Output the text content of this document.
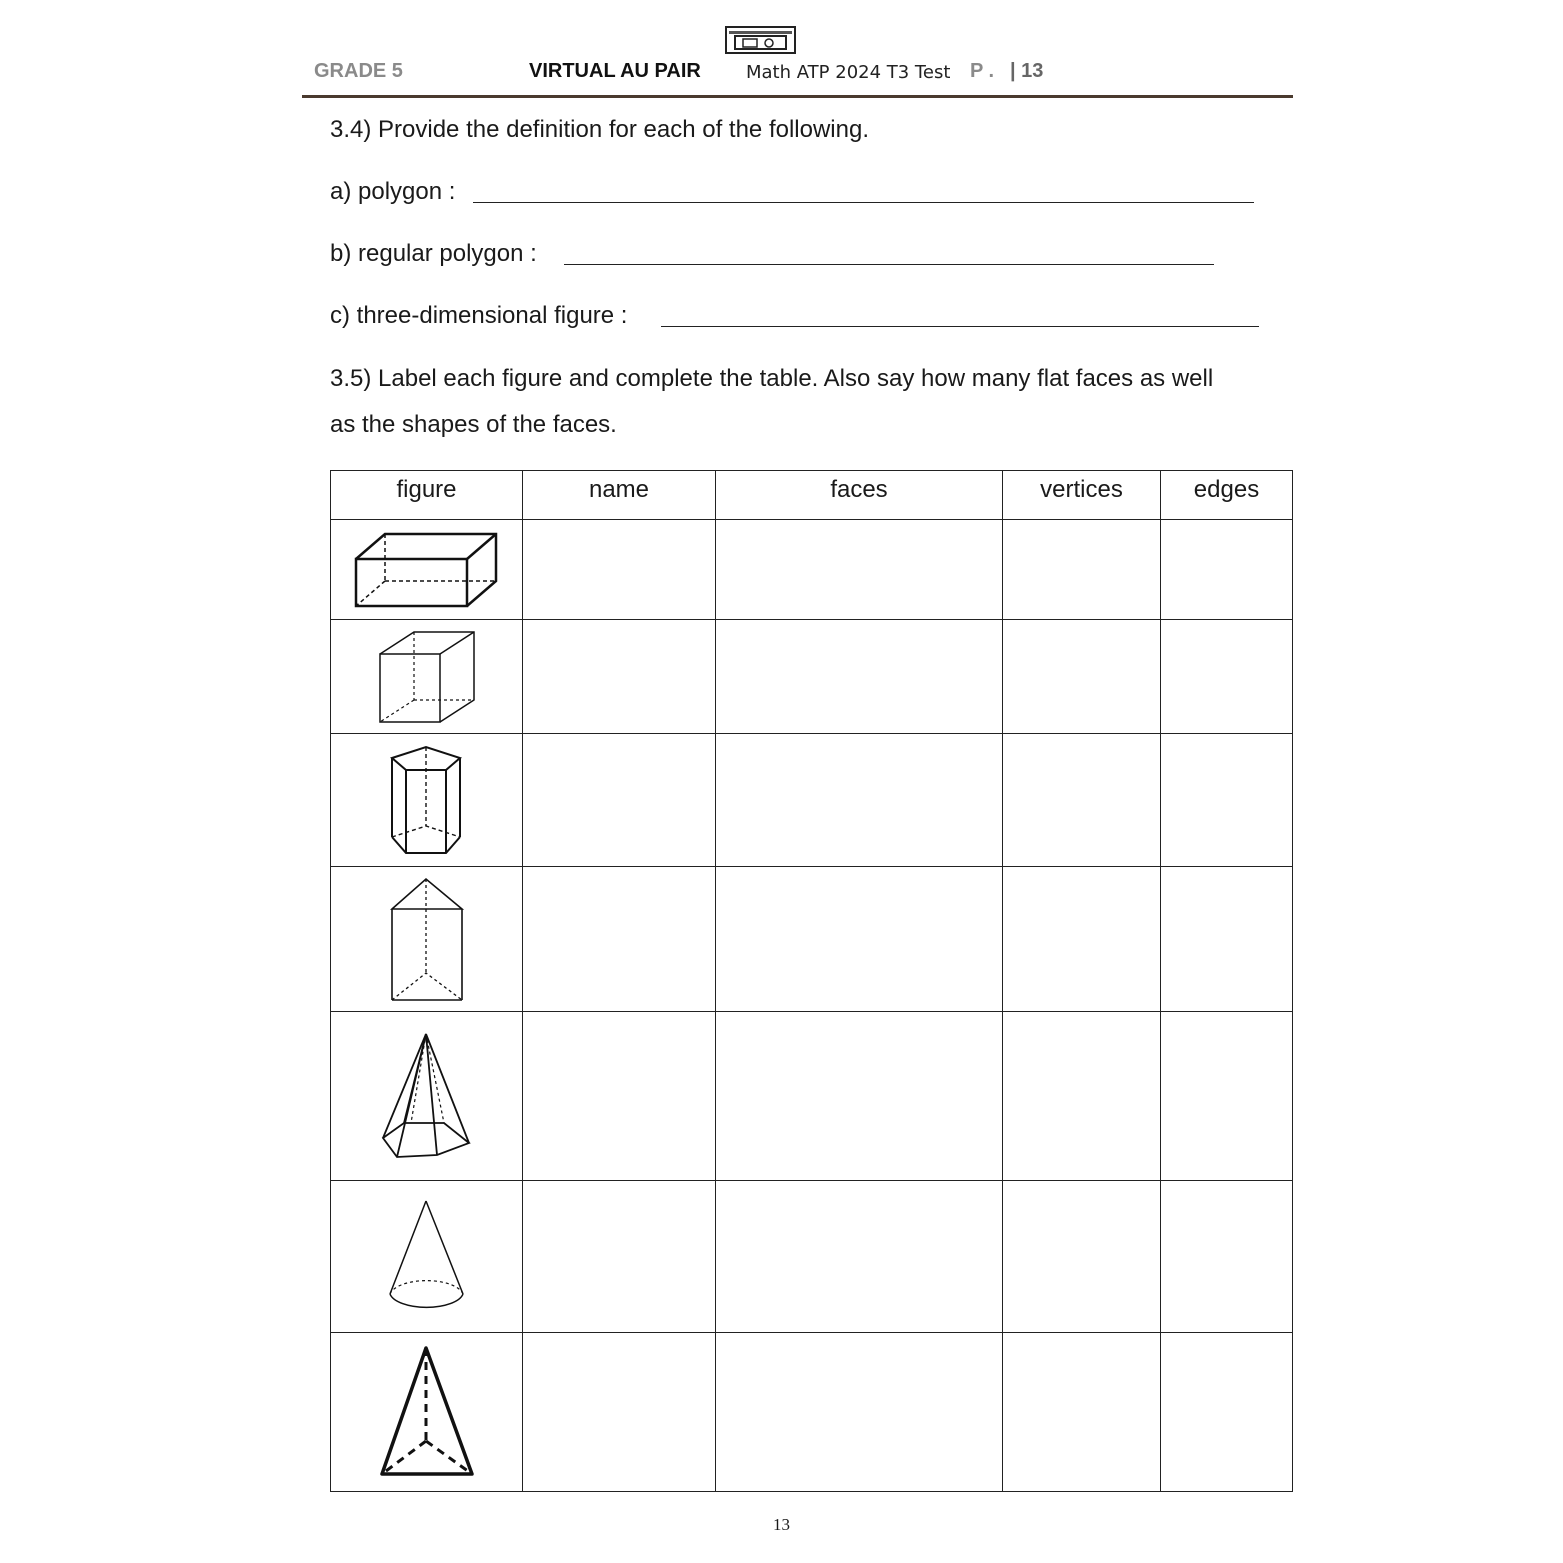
GRADE 5	VIRTUAL AU PAIR	Math ATP 2024 T3 Test P . | 13
3.4) Provide the definition for each of the following.
a) polygon :
b) regular polygon :
c) three-dimensional figure :
3.5) Label each figure and complete the table. Also say how many flat faces as well
as the shapes of the faces.
figure	name	faces	vertices	edges

13
